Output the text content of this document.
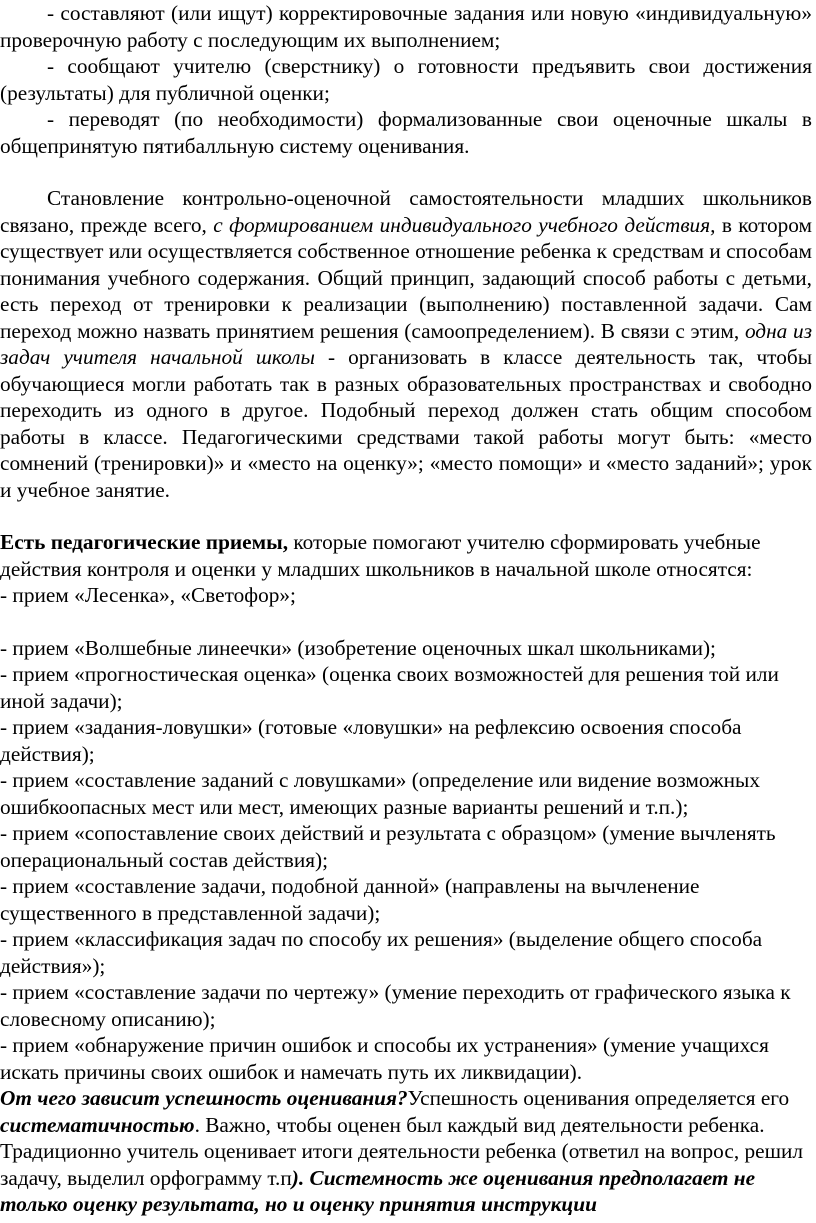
- составляют (или ищут) корректировочные задания или новую «индивидуальную» проверочную работу с последующим их выполнением;

- сообщают учителю (сверстнику) о готовности предъявить свои достижения (результаты) для публичной оценки;

- переводят (по необходимости) формализованные свои оценочные шкалы в общепринятую пятибалльную систему оценивания.

Становление контрольно-оценочной самостоятельности младших школьников связано, прежде всего, с формированием индивидуального учебного действия, в котором существует или осуществляется собственное отношение ребенка к средствам и способам понимания учебного содержания. Общий принцип, задающий способ работы с детьми, есть переход от тренировки к реализации (выполнению) поставленной задачи. Сам переход можно назвать принятием решения (самоопределением). В связи с этим, одна из задач учителя начальной школы - организовать в классе деятельность так, чтобы обучающиеся могли работать так в разных образовательных пространствах и свободно переходить из одного в другое. Подобный переход должен стать общим способом работы в классе. Педагогическими средствами такой работы могут быть: «место сомнений (тренировки)» и «место на оценку»; «место помощи» и «место заданий»; урок и учебное занятие.

Есть педагогические приемы, которые помогают учителю сформировать учебные действия контроля и оценки у младших школьников в начальной школе относятся:

- прием «Лесенка», «Светофор»;

- прием «Волшебные линеечки» (изобретение оценочных шкал школьниками);

- прием «прогностическая оценка» (оценка своих возможностей для решения той или иной задачи);

- прием «задания-ловушки» (готовые «ловушки» на рефлексию освоения способа действия);

- прием «составление заданий с ловушками» (определение или видение возможных ошибкоопасных мест или мест, имеющих разные варианты решений и т.п.);

- прием «сопоставление своих действий и результата с образцом» (умение вычленять операциональный состав действия);

- прием «составление задачи, подобной данной» (направлены на вычленение существенного в представленной задачи);

- прием «классификация задач по способу их решения» (выделение общего способа действия»);

- прием «составление задачи по чертежу» (умение переходить от графического языка к словесному описанию);

- прием «обнаружение причин ошибок и способы их устранения» (умение учащихся искать причины своих ошибок и намечать путь их ликвидации).

От чего зависит успешность оценивания?Успешность оценивания определяется его систематичностью. Важно, чтобы оценен был каждый вид деятельности ребенка. Традиционно учитель оценивает итоги деятельности ребенка (ответил на вопрос, решил задачу, выделил орфограмму т.п). Системность же оценивания предполагает не только оценку результата, но и оценку принятия инструкции
